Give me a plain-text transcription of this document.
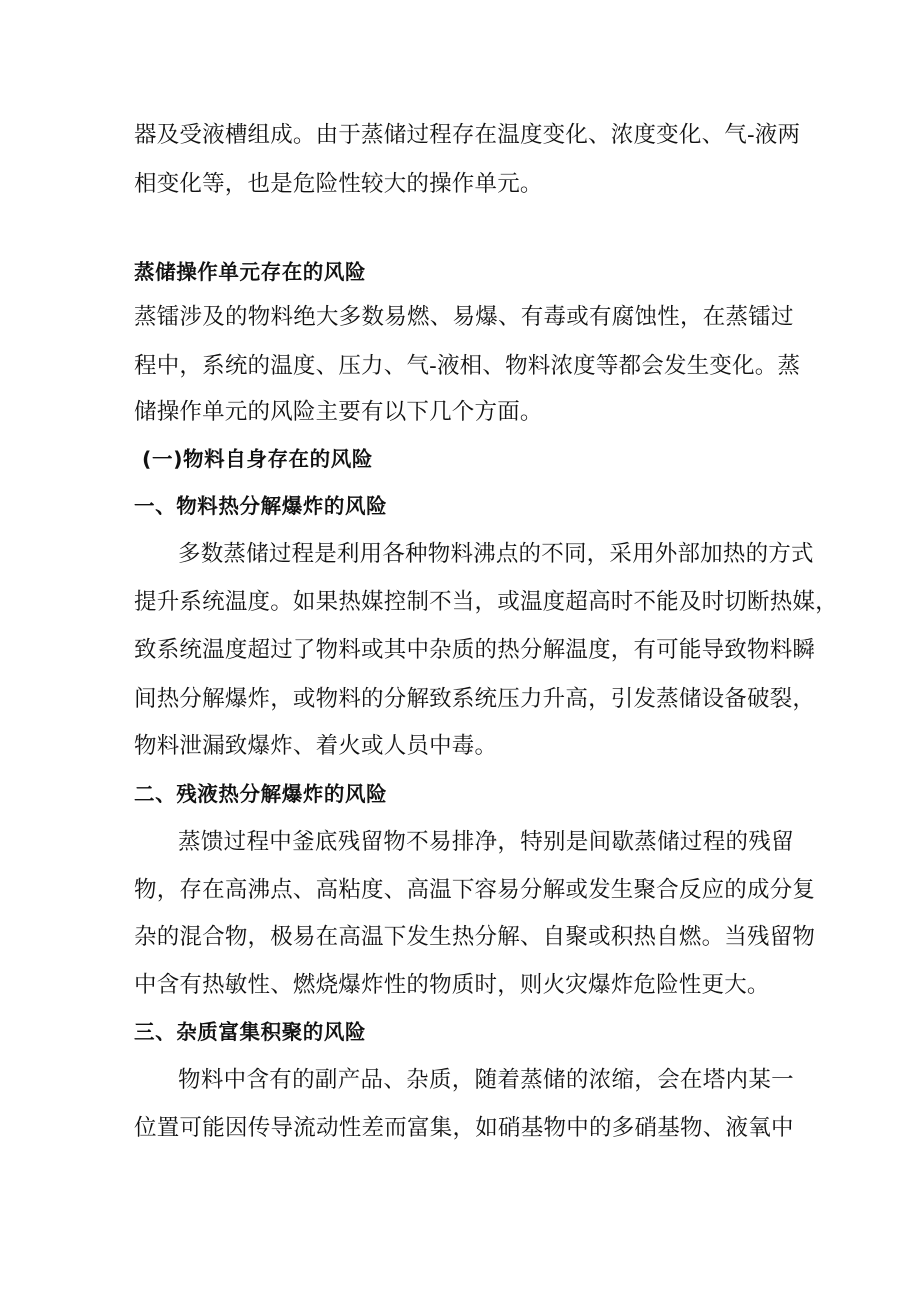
器 及 受 液 槽 组 成 。 由 于 蒸 储 过 程 存 在 温 度 变 化 、 浓 度 变 化 、 气 - 液 两
相变化等，也是危险性较大的操作单元。
蒸储操作单元存在的风险
蒸 镭 涉 及 的 物 料 绝 大 多 数 易 燃 、 易 爆 、 有 毒 或 有 腐 蚀 性 ， 在 蒸 镭 过
程 中 ， 系 统 的 温 度 、 压 力 、 气 - 液 相 、 物 料 浓 度 等 都 会 发 生 变 化 。 蒸
储操作单元的风险主要有以下几个方面。
(一)物料自身存在的风险
一、物料热分解爆炸的风险
多 数 蒸 储 过 程 是 利 用 各 种 物 料 沸 点 的 不 同 ， 采 用 外 部 加 热 的 方 式
提 升 系 统 温 度 。 如 果 热 媒 控 制 不 当 ， 或 温 度 超 高 时 不 能 及 时 切 断 热 媒 ，
致 系 统 温 度 超 过 了 物 料 或 其 中 杂 质 的 热 分 解 温 度 ， 有 可 能 导 致 物 料 瞬
间 热 分 解 爆 炸 ， 或 物 料 的 分 解 致 系 统 压 力 升 高 ， 引 发 蒸 储 设 备 破 裂 ，
物料泄漏致爆炸、着火或人员中毒。
二、残液热分解爆炸的风险
蒸 馈 过 程 中 釜 底 残 留 物 不 易 排 净 ， 特 别 是 间 歇 蒸 储 过 程 的 残 留
物 ， 存 在 高 沸 点 、 高 粘 度 、 高 温 下 容 易 分 解 或 发 生 聚 合 反 应 的 成 分 复
杂 的 混 合 物 ， 极 易 在 高 温 下 发 生 热 分 解 、 自 聚 或 积 热 自 燃 。 当 残 留 物
中含有热敏性、燃烧爆炸性的物质时，则火灾爆炸危险性更大。
三、杂质富集积聚的风险
物 料 中 含 有 的 副 产 品 、 杂 质 ， 随 着 蒸 储 的 浓 缩 ， 会 在 塔 内 某 一
位 置 可 能 因 传 导 流 动 性 差 而 富 集 ， 如 硝 基 物 中 的 多 硝 基 物 、 液 氧 中
